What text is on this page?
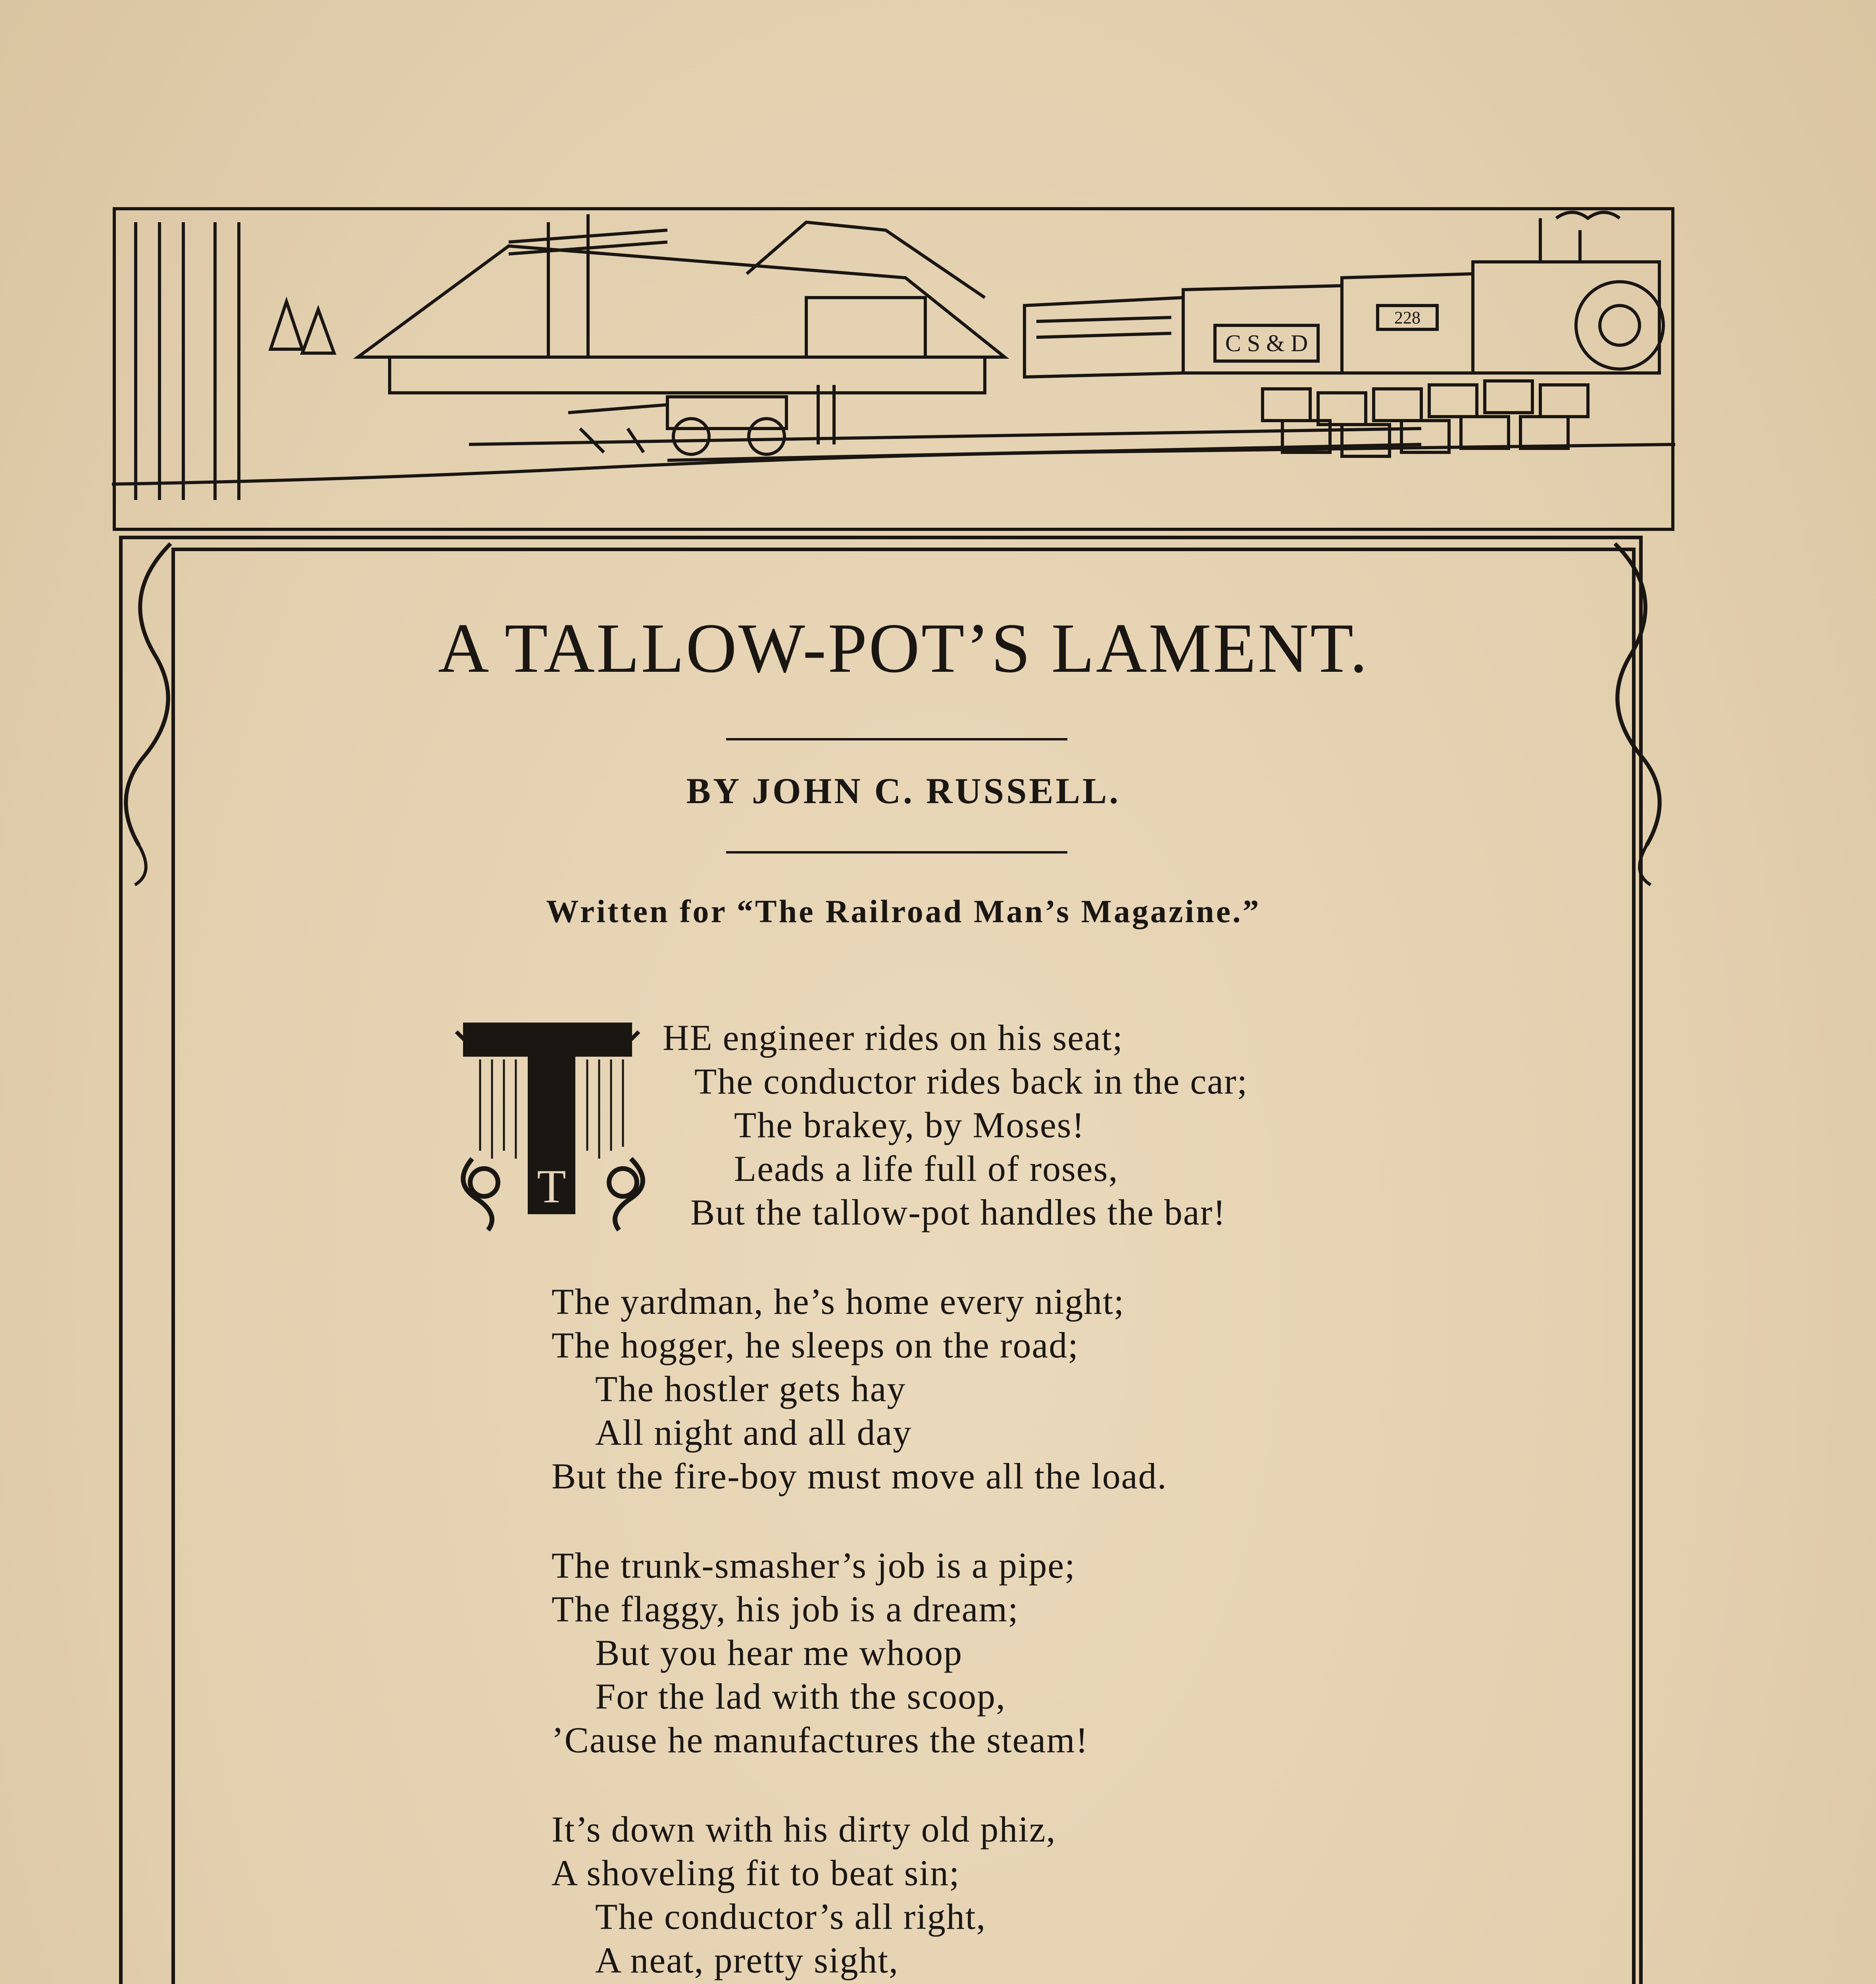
C S & D
228
A TALLOW-POT’S LAMENT.
BY JOHN C. RUSSELL.
Written for “The Railroad Man’s Magazine.”
T
HE engineer rides on his seat;
The conductor rides back in the car;
The brakey, by Moses!
Leads a life full of roses,
But the tallow-pot handles the bar!
The yardman, he’s home every night;
The hogger, he sleeps on the road;
The hostler gets hay
All night and all day
But the fire-boy must move all the load.
The trunk-smasher’s job is a pipe;
The flaggy, his job is a dream;
But you hear me whoop
For the lad with the scoop,
’Cause he manufactures the steam!
It’s down with his dirty old phiz,
A shoveling fit to beat sin;
The conductor’s all right,
A neat, pretty sight,
